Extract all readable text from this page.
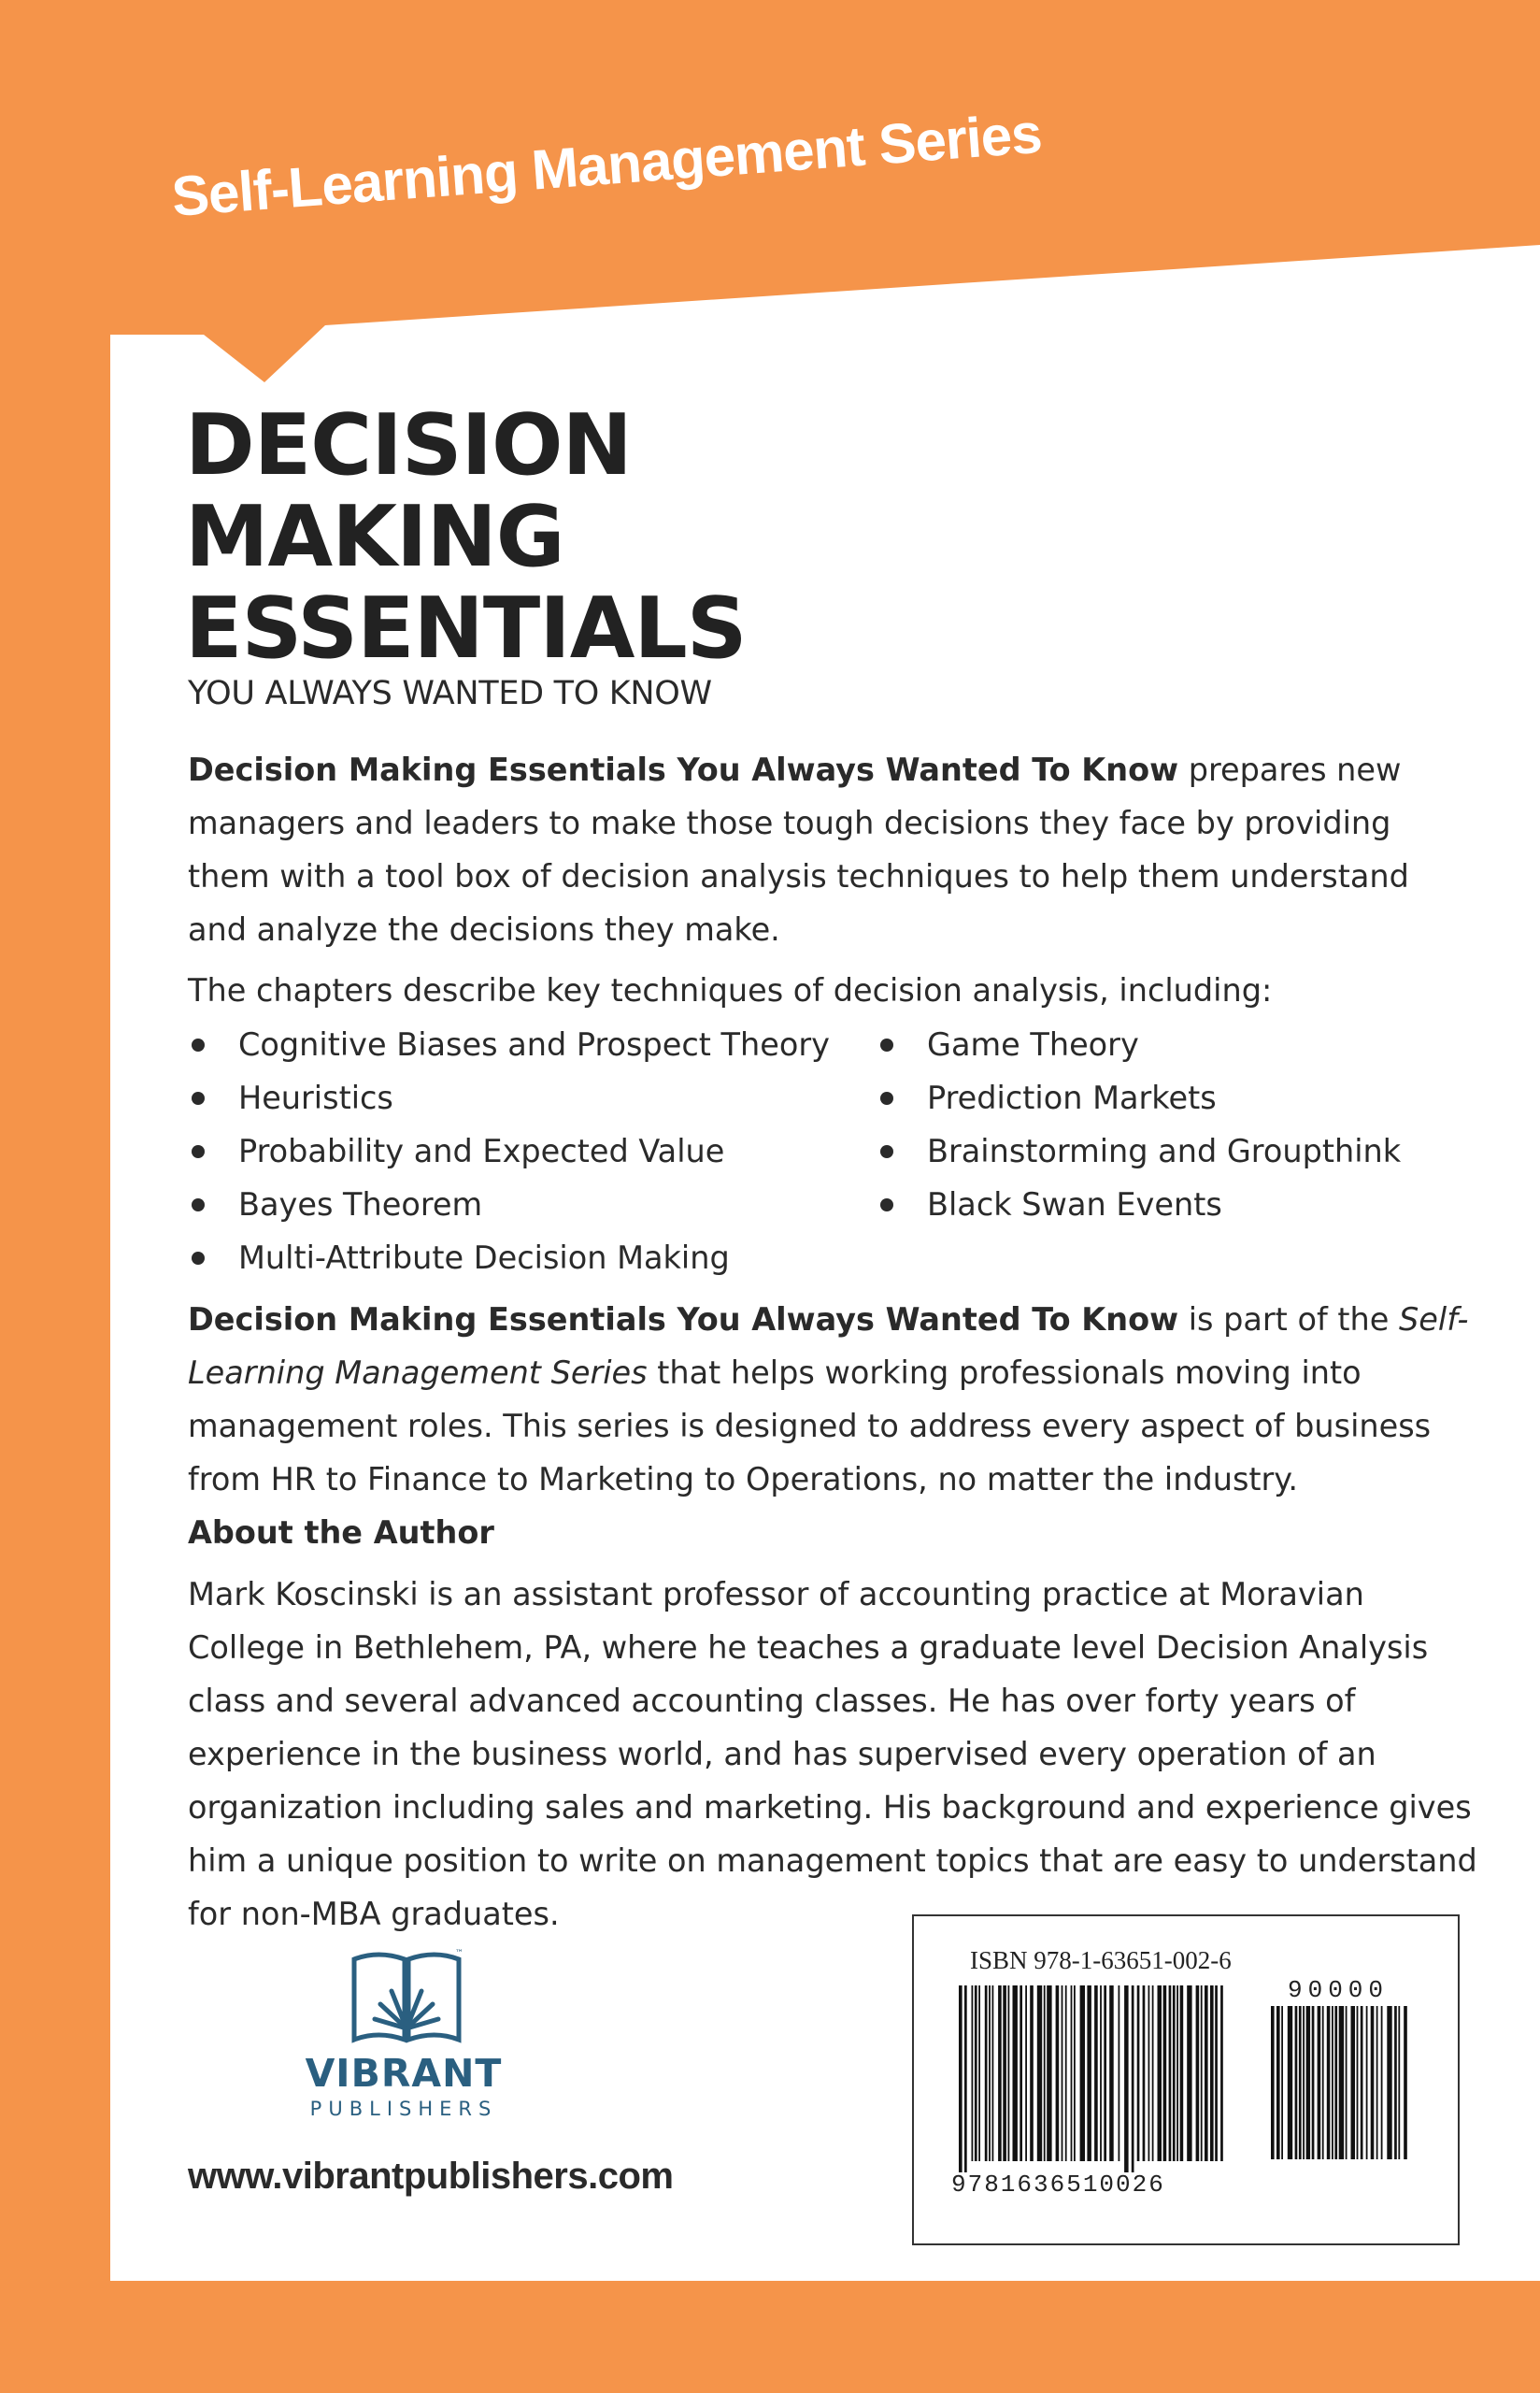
Self-Learning Management Series
DECISION
MAKING
ESSENTIALS
YOU ALWAYS WANTED TO KNOW
Decision Making Essentials You Always Wanted To Know prepares new managers and leaders to make those tough decisions they face by providing them with a tool box of decision analysis techniques to help them understand and analyze the decisions they make.
The chapters describe key techniques of decision analysis, including:
Cognitive Biases and Prospect Theory
Heuristics
Probability and Expected Value
Bayes Theorem
Multi-Attribute Decision Making
Game Theory
Prediction Markets
Brainstorming and Groupthink
Black Swan Events
Decision Making Essentials You Always Wanted To Know is part of the Self-Learning Management Series that helps working professionals moving into management roles. This series is designed to address every aspect of business from HR to Finance to Marketing to Operations, no matter the industry.
About the Author
Mark Koscinski is an assistant professor of accounting practice at Moravian College in Bethlehem, PA, where he teaches a graduate level Decision Analysis class and several advanced accounting classes. He has over forty years of experience in the business world, and has supervised every operation of an organization including sales and marketing. His background and experience gives him a unique position to write on management topics that are easy to understand for non-MBA graduates.
™
VIBRANT
PUBLISHERS
www.vibrantpublishers.com
ISBN 978-1-63651-002-6
90000
9781636510026
